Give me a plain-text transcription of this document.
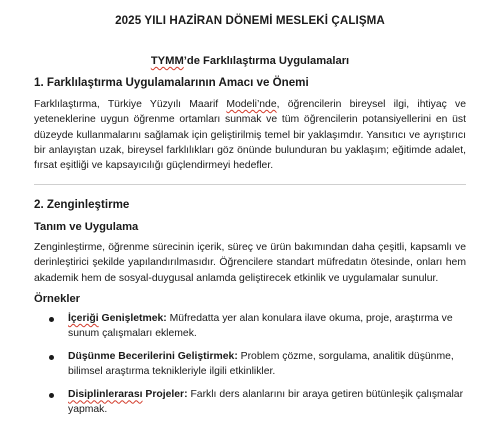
2025 YILI HAZİRAN DÖNEMİ MESLEKİ ÇALIŞMA
TYMM’de Farklılaştırma Uygulamaları
1. Farklılaştırma Uygulamalarının Amacı ve Önemi

Farklılaştırma, Türkiye Yüzyılı Maarif Modeli’nde, öğrencilerin bireysel ilgi, ihtiyaç ve yeteneklerine uygun öğrenme ortamları sunmak ve tüm öğrencilerin potansiyellerini en üst düzeyde kullanmalarını sağlamak için geliştirilmiş temel bir yaklaşımdır. Yansıtıcı ve ayrıştırıcı bir anlayıştan uzak, bireysel farklılıkları göz önünde bulunduran bu yaklaşım; eğitimde adalet, fırsat eşitliği ve kapsayıcılığı güçlendirmeyi hedefler.

2. Zenginleştirme
Tanım ve Uygulama

Zenginleştirme, öğrenme sürecinin içerik, süreç ve ürün bakımından daha çeşitli, kapsamlı ve derinleştirici şekilde yapılandırılmasıdır. Öğrencilere standart müfredatın ötesinde, onları hem akademik hem de sosyal-duygusal anlamda geliştirecek etkinlik ve uygulamalar sunulur.

Örnekler
İçeriği Genişletmek: Müfredatta yer alan konulara ilave okuma, proje, araştırma ve sunum çalışmaları eklemek.
Düşünme Becerilerini Geliştirmek: Problem çözme, sorgulama, analitik düşünme, bilimsel araştırma teknikleriyle ilgili etkinlikler.
Disiplinlerarası Projeler: Farklı ders alanlarını bir araya getiren bütünleşik çalışmalar yapmak.
